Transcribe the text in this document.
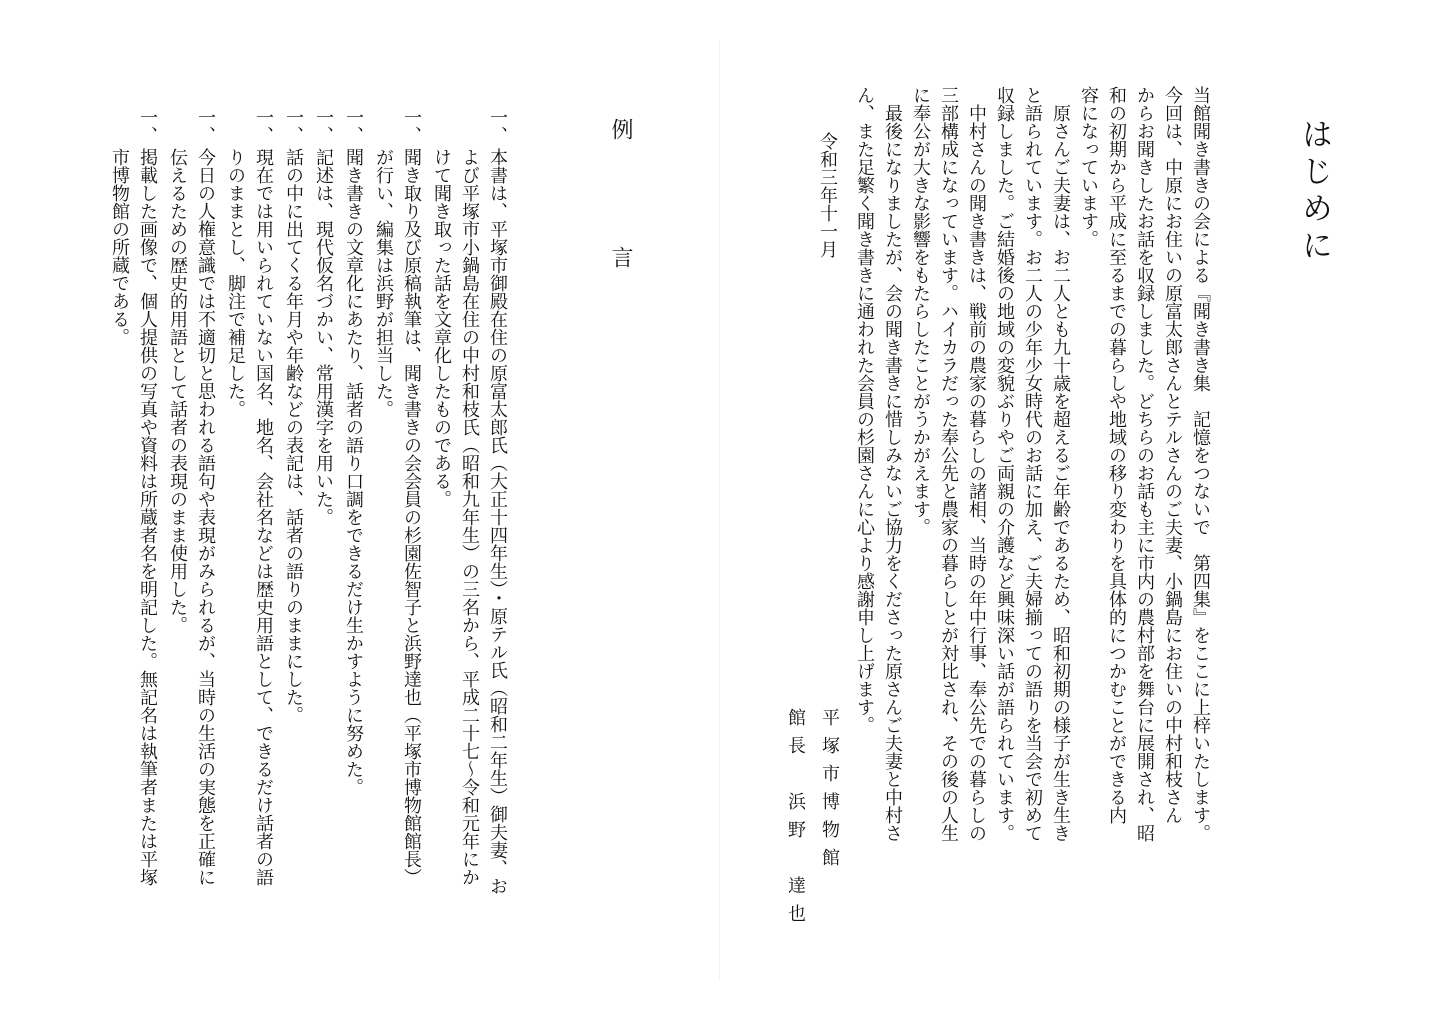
例
言
一、
本書は、平塚市御殿在住の原富太郎氏（大正十四年生）・原テル氏（昭和二年生）御夫妻、お
よび平塚市小鍋島在住の中村和枝氏（昭和九年生）の三名から、平成二十七～令和元年にか
けて聞き取った話を文章化したものである。
一、
聞き取り及び原稿執筆は、聞き書きの会会員の杉園佐智子と浜野達也（平塚市博物館館長）
が行い、編集は浜野が担当した。
一、
聞き書きの文章化にあたり、話者の語り口調をできるだけ生かすように努めた。
一、
記述は、現代仮名づかい、常用漢字を用いた。
一、
話の中に出てくる年月や年齢などの表記は、話者の語りのままにした。
一、
現在では用いられていない国名、地名、会社名などは歴史用語として、できるだけ話者の語
りのままとし、脚注で補足した。
一、
今日の人権意識では不適切と思われる語句や表現がみられるが、当時の生活の実態を正確に
伝えるための歴史的用語として話者の表現のまま使用した。
一、
掲載した画像で、個人提供の写真や資料は所蔵者名を明記した。無記名は執筆者または平塚
市博物館の所蔵である。	はじめに
当館聞き書きの会による『聞き書き集　記憶をつないで　第四集』をここに上梓いたします。
今回は、中原にお住いの原富太郎さんとテルさんのご夫妻、小鍋島にお住いの中村和枝さん
からお聞きしたお話を収録しました。どちらのお話も主に市内の農村部を舞台に展開され、昭
和の初期から平成に至るまでの暮らしや地域の移り変わりを具体的につかむことができる内
容になっています。
原さんご夫妻は、お二人とも九十歳を超えるご年齢であるため、昭和初期の様子が生き生き
と語られています。お二人の少年少女時代のお話に加え、ご夫婦揃っての語りを当会で初めて
収録しました。ご結婚後の地域の変貌ぶりやご両親の介護など興味深い話が語られています。
中村さんの聞き書きは、戦前の農家の暮らしの諸相、当時の年中行事、奉公先での暮らしの
三部構成になっています。ハイカラだった奉公先と農家の暮らしとが対比され、その後の人生
に奉公が大きな影響をもたらしたことがうかがえます。
最後になりましたが、会の聞き書きに惜しみないご協力をくださった原さんご夫妻と中村さ
ん、また足繁く聞き書きに通われた会員の杉園さんに心より感謝申し上げます。
令和三年十一月
平塚市博物館
館長　浜野　達也
